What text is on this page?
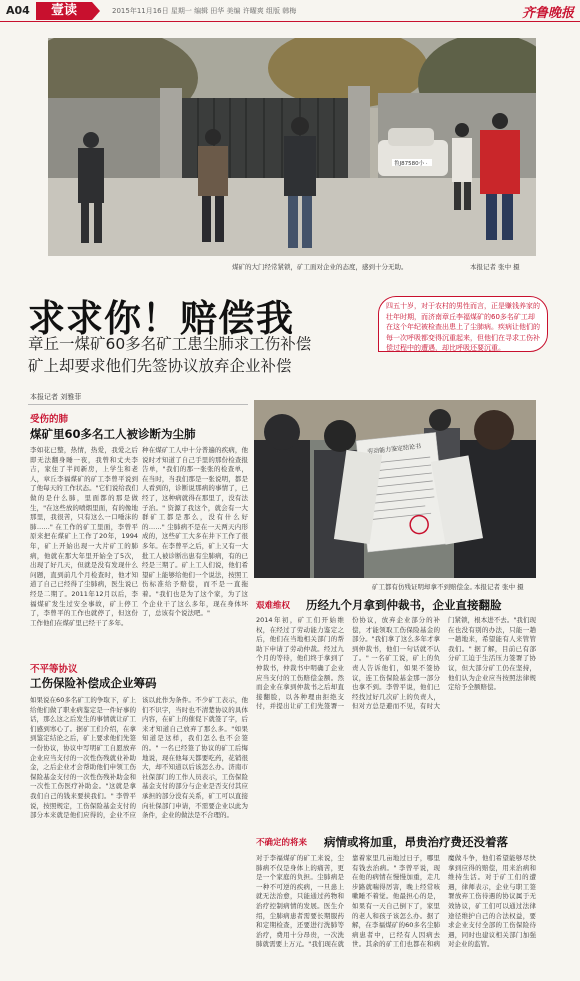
A04	壹读	2015年11月16日 星期一 编辑 田华 美编 许曜爽 组版 韩梅	齐鲁晚报
鲁J87580小 ·
煤矿的大门经常紧锁，矿工面对企业的态度，感到十分无助。	本报记者 张中 摄
求求你！赔偿我
章丘一煤矿60多名矿工患尘肺求工伤补偿
矿上却要求他们先签协议放弃企业补偿
四五十岁，对于农村的男性而言，正是赚钱养家的壮年时期，而济南章丘李福煤矿的60多名矿工却在这个年纪被检查出患上了尘肺病。疾病让他们的每一次呼吸都变得沉重起来，但他们在寻求工伤补偿过程中的遭遇，却比呼吸还要沉重。
本报记者 刘雅菲
受伤的肺
煤矿里60多名工人被诊断为尘肺
李如花已整，热情，热爱，我爱之后即无法翻身睡一夜，我曾和丈夫李吉，家住了半间新房，上学生和老人，章丘李福煤矿的矿工李曾平说到了他每天的工作状态。"它们说给我们做的是什么肺，里面都的那是做生，"在这些放的喷烟里面，有的像地那里，我很苦，只有这么一口唾沫的肺……" 在工作的矿工里面，李曾平原来把在煤矿上工作了20年，1994年，矿上开始出现一大片矿工的肺病，他就在那大年里开始全了5次，出现了好几天，但就是没有发现什么问题，直到前几个月检查时，他才知道了自己已经得了尘肺病，医生说已经是二期了。2011年12月以后，李福煤矿发生过安全事故，矿上停工了，李曾平的工作也就停了，但这份工作他们在煤矿里已经干了多年。
种在煤矿工人中十分普遍的疾病，他说时才知道了自己手里的那份检查报告单，"我们的那一张张的检查单，在当时，当我们那是一张说明，都是人看到的，诊断说那病的事情了，已经了，这种病就得在那里了，没有法子治。" 资源了我这个，就会有一大群矿工都是那么，没有什么好的……" 尘肺病不是在一天两天内形成的，这些矿工大多在井下工作了很多年。在李曾平之后，矿上又有一大批工人被诊断出患有尘肺病，有的已经是三期了。矿上工人们说，他们希望矿上能够给他们一个说法，按照工伤标准给予赔偿，而不是一直拖着。"我们也是为了这个家，为了这个企业干了这么多年，现在身体坏了，总该有个说法吧。"
劳动能力鉴定结论书
矿工都有仿残证明却拿不到赔偿金。
本报记者 张中 摄
艰难维权 历经九个月拿到仲裁书，企业直接翻脸
2014年初，矿工们开始维权，在经过了劳动能力鉴定之后，他们在当地相关部门的帮助下申请了劳动仲裁。经过九个月的等待，他们终于拿到了仲裁书，仲裁书中明确了企业应当支付的工伤赔偿金额。然而企业在拿到仲裁书之后却直接翻脸，以各种理由拒绝支付，并提出让矿工们先签署一份协议，放弃企业部分的补偿，才能领取工伤保险基金的部分。"我们拿了这么多年才拿到仲裁书，他们一句话就不认了。" 一名矿工说，矿上的负责人告诉他们，如果不签协议，连工伤保险基金那一部分也拿不到。李曾平说，他们已经找过好几次矿上的负责人，但对方总是避而不见，有时大门紧锁，根本进不去。"我们现在也没有别的办法，只能一趟一趟地来，希望能有人来管管我们。" 据了解，目前已有部分矿工迫于生活压力签署了协议，但大部分矿工仍在坚持，他们认为企业应当按照法律规定给予全额赔偿。
不平等协议
工伤保险补偿成企业筹码
如果说在60多名矿工的争取下，矿上给他们做了职业病鉴定是一件好事的话，那么这之后发生的事情就让矿工们感到寒心了。据矿工们介绍，在拿到鉴定结论之后，矿上要求他们先签一份协议，协议中写明矿工自愿放弃企业应当支付的一次性伤残就业补助金，之后企业才会帮助他们申领工伤保险基金支付的一次性伤残补助金和一次性工伤医疗补助金。"这就是拿我们自己的钱来要挟我们。" 李曾平说，按照规定，工伤保险基金支付的部分本来就是他们应得的，企业不应该以此作为条件。不少矿工表示，他们不识字，当时也不清楚协议的具体内容，在矿上的催促下就签了字，后来才知道自己放弃了那么多。"如果知道是这样，我们怎么也不会签的。" 一名已经签了协议的矿工后悔地说，现在他每天都要吃药，花销很大，却不知道以后该怎么办。济南市社保部门的工作人员表示，工伤保险基金支付的部分与企业是否支付其应承担的部分没有关系，矿工可以直接向社保部门申请，不需要企业以此为条件，企业的做法是不合理的。
不确定的将来 病情或将加重，昂贵治疗费还没着落
对于李福煤矿的矿工来说，尘肺病不仅是身体上的痛苦，更是一个家庭的负担。尘肺病是一种不可逆的疾病，一旦患上就无法治愈，只能通过药物和治疗控制病情的发展。医生介绍，尘肺病患者需要长期服药和定期检查，还要进行洗肺等治疗，费用十分昂贵，一次洗肺就需要上万元。"我们现在就靠着家里几亩地过日子，哪里有钱去治病。" 李曾平说，现在他的病情在慢慢加重，走几步路就喘得厉害，晚上经常咳嗽睡不着觉。他最担心的是，如果有一天自己倒下了，家里的老人和孩子该怎么办。据了解，在李福煤矿的60多名尘肺病患者中，已经有人因病去世。其余的矿工们也都在和病魔做斗争，他们希望能够尽快拿到应得的赔偿，用来治病和维持生活。对于矿工们的遭遇，律师表示，企业与职工签署放弃工伤待遇的协议属于无效协议，矿工们可以通过法律途径维护自己的合法权益，要求企业支付全部的工伤保险待遇，同时也建议相关部门加强对企业的监管。
